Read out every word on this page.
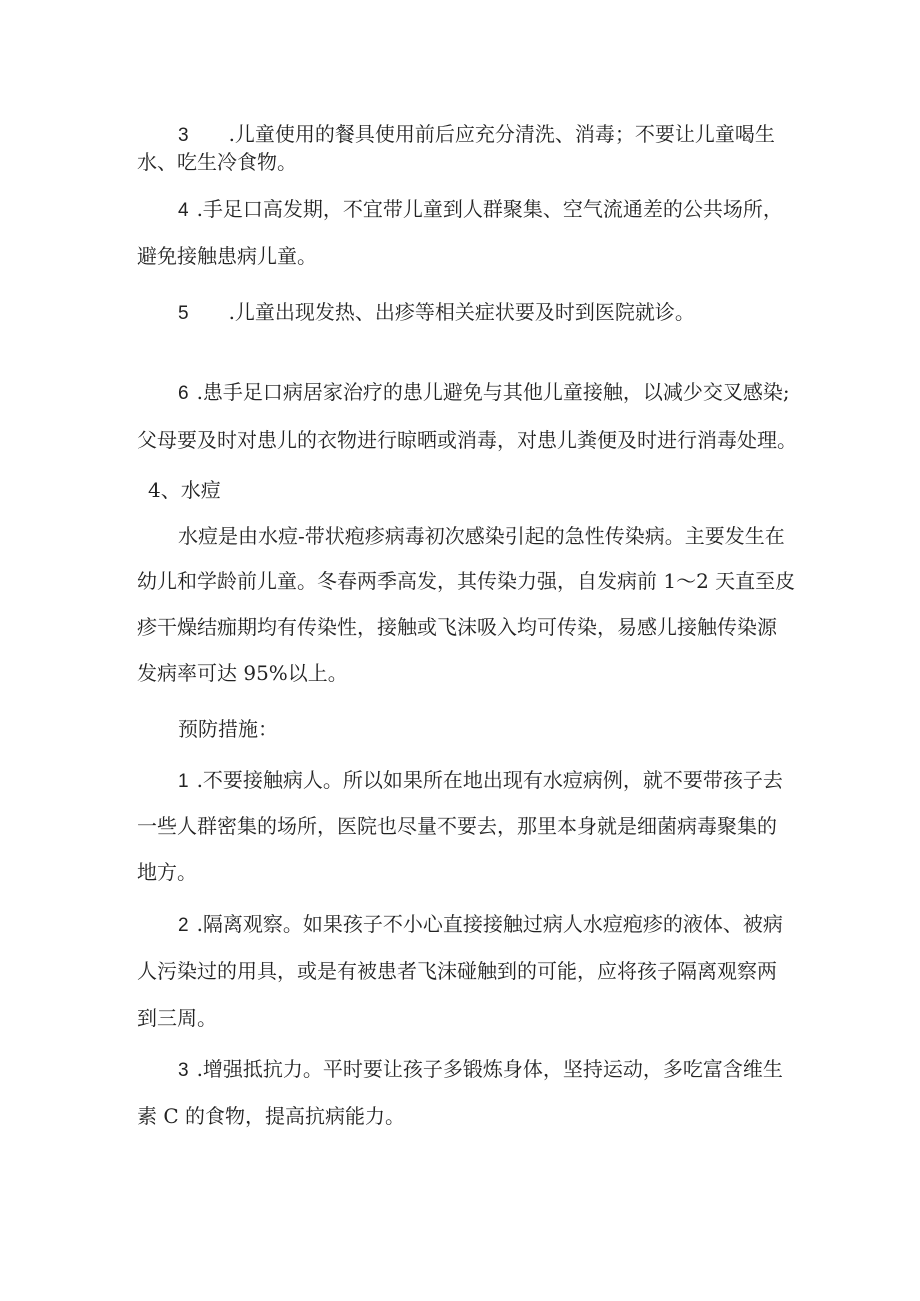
3 .儿童使用的餐具使用前后应充分清洗、消毒；不要让儿童喝生
水、吃生冷食物。
4 .手足口高发期，不宜带儿童到人群聚集、空气流通差的公共场所，
避免接触患病儿童。
5 .儿童出现发热、出疹等相关症状要及时到医院就诊。
6 .患手足口病居家治疗的患儿避免与其他儿童接触，以减少交叉感染;
父母要及时对患儿的衣物进行晾晒或消毒，对患儿粪便及时进行消毒处理。
4、水痘
水痘是由水痘-带状疱疹病毒初次感染引起的急性传染病。主要发生在
幼儿和学龄前儿童。冬春两季高发，其传染力强，自发病前 1～2 天直至皮
疹干燥结痂期均有传染性，接触或飞沫吸入均可传染，易感儿接触传染源
发病率可达 95%以上。
预防措施：
1 .不要接触病人。所以如果所在地出现有水痘病例，就不要带孩子去
一些人群密集的场所，医院也尽量不要去，那里本身就是细菌病毒聚集的
地方。
2 .隔离观察。如果孩子不小心直接接触过病人水痘疱疹的液体、被病
人污染过的用具，或是有被患者飞沫碰触到的可能，应将孩子隔离观察两
到三周。
3 .增强抵抗力。平时要让孩子多锻炼身体，坚持运动，多吃富含维生
素 C 的食物，提高抗病能力。
